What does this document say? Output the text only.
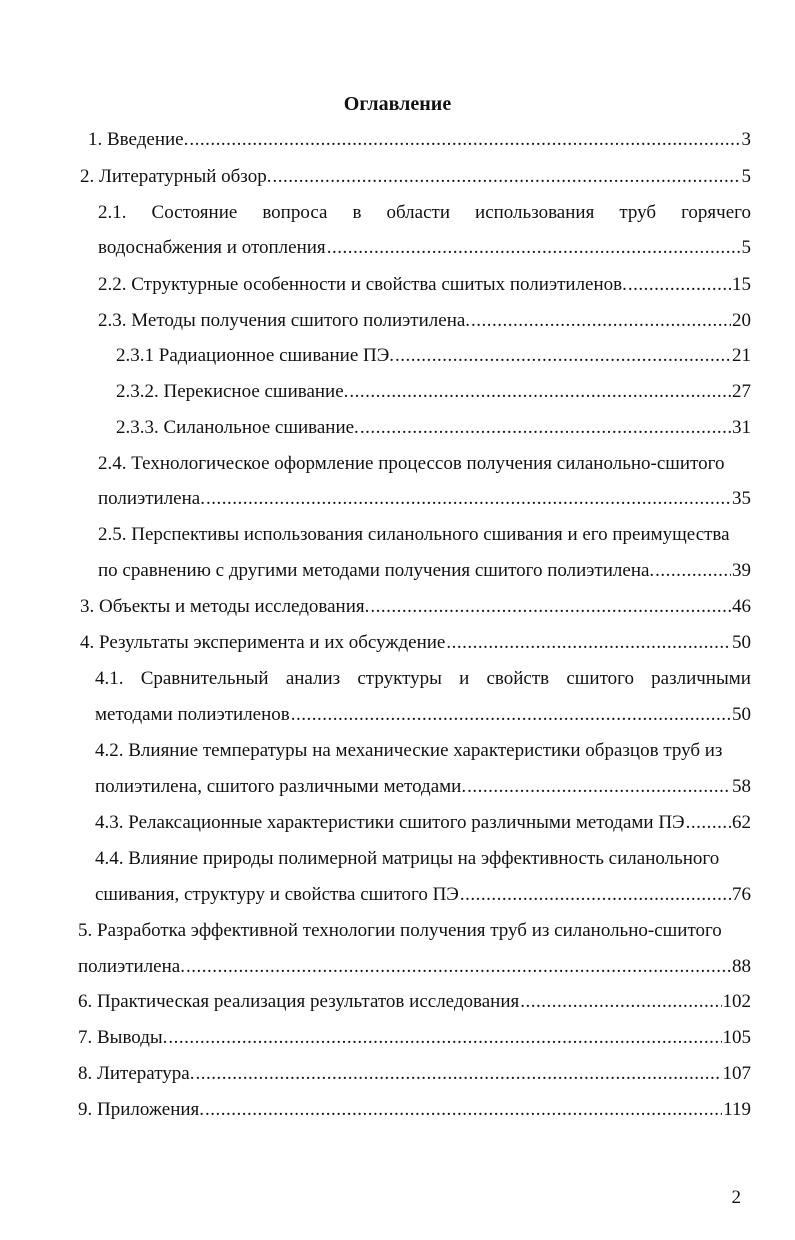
Оглавление
1. Введение. .....	3
2. Литературный обзор. .....	5
2.1. Состояние вопроса в области использования труб горячего
водоснабжения и отопления .....	5
2.2. Структурные особенности и свойства сшитых полиэтиленов. .....	15
2.3. Методы получения сшитого полиэтилена. .....	20
2.3.1 Радиационное сшивание ПЭ. .....	21
2.3.2. Перекисное сшивание. .....	27
2.3.3. Силанольное сшивание. .....	31
2.4. Технологическое оформление процессов получения силанольно-сшитого
полиэтилена. .....	35
2.5. Перспективы использования силанольного сшивания и его преимущества
по сравнению с другими методами получения сшитого полиэтилена. .....	39
3. Объекты и методы исследования. .....	46
4. Результаты эксперимента и их обсуждение .....	50
4.1. Сравнительный анализ структуры и свойств сшитого различными
методами полиэтиленов .....	50
4.2. Влияние температуры на механические характеристики образцов труб из
полиэтилена, сшитого различными методами. .....	58
4.3. Релаксационные характеристики сшитого различными методами ПЭ ..... 62
4.4. Влияние природы полимерной матрицы на эффективность силанольного
сшивания, структуру и свойства сшитого ПЭ .....	76
5. Разработка эффективной технологии получения труб из силанольно-сшитого
полиэтилена. .....	88
6. Практическая реализация результатов исследования .....	102
7. Выводы. .....	105
8. Литература. .....	107
9. Приложения. .....	119
2
